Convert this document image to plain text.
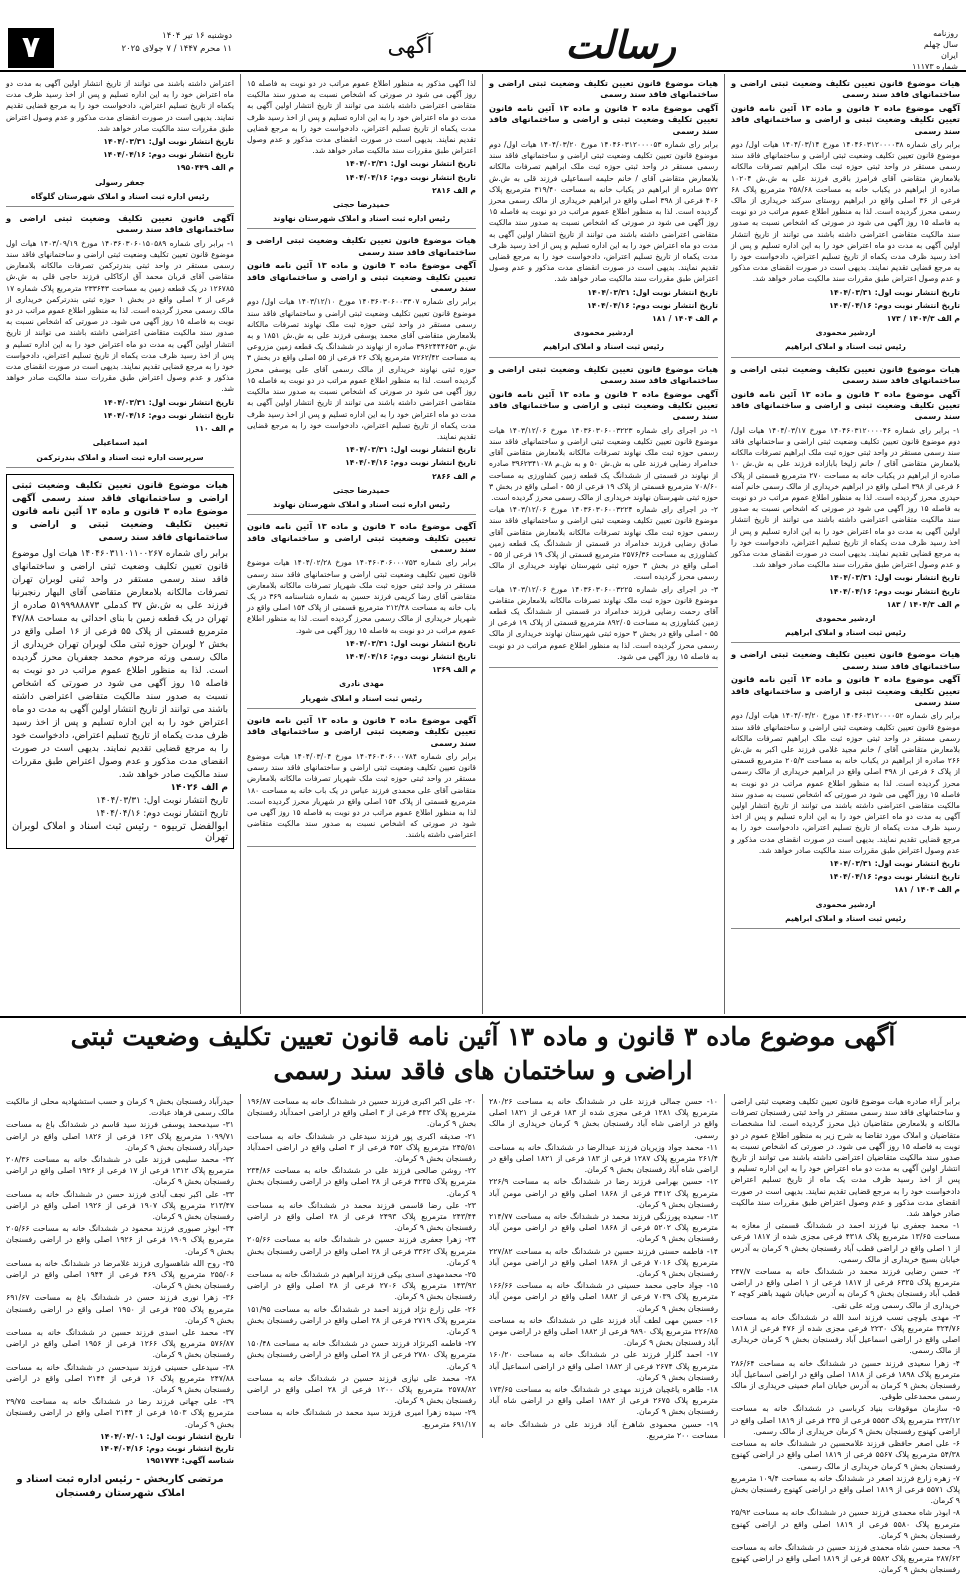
روزنامه
سال چهلم
ایران
شماره ۱۱۱۷۳
رسالت
آگهی
دوشنبه ۱۶ تیر ۱۴۰۴
۱۱ محرم ۱۴۴۷ / ۷ جولای ۲۰۲۵
۷
هیات موضوع قانون تعیین تکلیف وضعیت ثبتی اراضی و ساختمانهای فاقد سند رسمی
آگهی موضوع ماده ۳ قانون و ماده ۱۳ آئین نامه قانون تعیین تکلیف وضعیت ثبتی و اراضی و ساختمانهای فاقد سند رسمی

برابر رای شماره ۱۴۰۴۶۰۳۱۲۰۰۰۰۳۸ مورخ ۱۴۰۴/۰۳/۱۴ هیات اول/ دوم موضوع قانون تعیین تکلیف وضعیت ثبتی اراضی و ساختمانهای فاقد سند رسمی مستقر در واحد ثبتی حوزه ثبت ملک ابراهیم تصرفات مالکانه بلامعارض متقاضی آقای فرامرز باقری فرزند علی به ش.ش ۱۰۲۰۴ صادره از ابراهیم در یکباب خانه به مساحت ۲۵۸/۶۸ مترمربع پلاک ۶۸ فرعی از ۳۶ اصلی واقع در ابراهیم روستای سرکند خریداری از مالک رسمی محرز گردیده است. لذا به منظور اطلاع عموم مراتب در دو نوبت به فاصله ۱۵ روز آگهی می شود در صورتی که اشخاص نسبت به صدور سند مالکیت متقاضی اعتراضی داشته باشند می توانند از تاریخ انتشار اولین آگهی به مدت دو ماه اعتراض خود را به این اداره تسلیم و پس از اخذ رسید ظرف مدت یکماه از تاریخ تسلیم اعتراض، دادخواست خود را به مرجع قضایی تقدیم نمایند. بدیهی است در صورت انقضای مدت مذکور و عدم وصول اعتراض طبق مقررات سند مالکیت صادر خواهد شد.

تاریخ انتشار نوبت اول: ۱۴۰۴/۰۳/۳۱

تاریخ انتشار نوبت دوم: ۱۴۰۴/۰۴/۱۶

م الف ۱۴۰۴/۳ / ۱۷۳

اردشیر محمودی
رئیس ثبت اسناد و املاک ابراهیم
هیات موضوع قانون تعیین تکلیف وضعیت ثبتی اراضی و ساختمانهای فاقد سند رسمی
آگهی موضوع ماده ۳ قانون و ماده ۱۳ آئین نامه قانون تعیین تکلیف وضعیت ثبتی و اراضی و ساختمانهای فاقد سند رسمی

۱- برابر رای شماره ۱۴۰۴۶۰۳۱۲۰۰۰۰۴۶ مورخ ۱۴۰۴/۰۳/۱۷ هیات اول/ دوم موضوع قانون تعیین تکلیف وضعیت ثبتی اراضی و ساختمانهای فاقد سند رسمی مستقر در واحد ثبتی حوزه ثبت ملک ابراهیم تصرفات مالکانه بلامعارض متقاضی آقای / خانم زلیخا بابازاده فرزند علی به ش.ش ۱۰ صادره از ابراهیم در یکباب خانه به مساحت ۲۷۰ مترمربع قسمتی از پلاک ۶ فرعی از ۳۹۸ اصلی واقع در ابراهیم خریداری از مالک رسمی خانم آمنه حیدری محرز گردیده است. لذا به منظور اطلاع عموم مراتب در دو نوبت به فاصله ۱۵ روز آگهی می شود در صورتی که اشخاص نسبت به صدور سند مالکیت متقاضی اعتراضی داشته باشند می توانند از تاریخ انتشار اولین آگهی به مدت دو ماه اعتراض خود را به این اداره تسلیم و پس از اخذ رسید ظرف مدت یکماه از تاریخ تسلیم اعتراض، دادخواست خود را به مرجع قضایی تقدیم نمایند. بدیهی است در صورت انقضای مدت مذکور و عدم وصول اعتراض طبق مقررات سند مالکیت صادر خواهد شد.

تاریخ انتشار نوبت اول: ۱۴۰۴/۰۳/۳۱

تاریخ انتشار نوبت دوم: ۱۴۰۴/۰۴/۱۶

م الف ۱۴۰۴/۳ / ۱۸۳

اردشیر محمودی
رئیس ثبت اسناد و املاک ابراهیم
هیات موضوع قانون تعیین تکلیف وضعیت ثبتی اراضی و ساختمانهای فاقد سند رسمی
آگهی موضوع ماده ۳ قانون و ماده ۱۳ آئین نامه قانون تعیین تکلیف وضعیت ثبتی و اراضی و ساختمانهای فاقد سند رسمی

برابر رای شماره ۱۴۰۴۶۰۳۱۲۰۰۰۰۵۲ مورخ ۱۴۰۴/۰۳/۲۰ هیات اول/ دوم موضوع قانون تعیین تکلیف وضعیت ثبتی اراضی و ساختمانهای فاقد سند رسمی مستقر در واحد ثبتی حوزه ثبت ملک ابراهیم تصرفات مالکانه بلامعارض متقاضی آقای / خانم مجید غلامی فرزند علی اکبر به ش.ش ۲۶۶ صادره از ابراهیم در یکباب خانه به مساحت ۲۰۵/۳ مترمربع قسمتی از پلاک ۶ فرعی از ۳۹۸ اصلی واقع در ابراهیم خریداری از مالک رسمی محرز گردیده است. لذا به منظور اطلاع عموم مراتب در دو نوبت به فاصله ۱۵ روز آگهی می شود در صورتی که اشخاص نسبت به صدور سند مالکیت متقاضی اعتراضی داشته باشند می توانند از تاریخ انتشار اولین آگهی به مدت دو ماه اعتراض خود را به این اداره تسلیم و پس از اخذ رسید ظرف مدت یکماه از تاریخ تسلیم اعتراض، دادخواست خود را به مرجع قضایی تقدیم نمایند. بدیهی است در صورت انقضای مدت مذکور و عدم وصول اعتراض طبق مقررات سند مالکیت صادر خواهد شد.

تاریخ انتشار نوبت اول: ۱۴۰۴/۰۳/۳۱

تاریخ انتشار نوبت دوم: ۱۴۰۴/۰۴/۱۶

م الف ۱۴۰۴ / ۱۸۱

اردشیر محمودی
رئیس ثبت اسناد و املاک ابراهیم
هیات موضوع قانون تعیین تکلیف وضعیت ثبتی اراضی و ساختمانهای فاقد سند رسمی
آگهی موضوع ماده ۳ قانون و ماده ۱۳ آئین نامه قانون تعیین تکلیف وضعیت ثبتی و اراضی و ساختمانهای فاقد سند رسمی

برابر رای شماره ۱۴۰۴۶۰۳۱۲۰۰۰۰۵۳ مورخ ۱۴۰۴/۰۳/۲۰ هیات اول/ دوم موضوع قانون تعیین تکلیف وضعیت ثبتی اراضی و ساختمانهای فاقد سند رسمی مستقر در واحد ثبتی حوزه ثبت ملک ابراهیم تصرفات مالکانه بلامعارض متقاضی آقای / خانم حلیمه اسماعیلی فرزند قلی به ش.ش ۵۷۲ صادره از ابراهیم در یکباب خانه به مساحت ۳۱۹/۴۰ مترمربع پلاک ۴۰۶ فرعی از ۳۹۸ اصلی واقع در ابراهیم خریداری از مالک رسمی محرز گردیده است. لذا به منظور اطلاع عموم مراتب در دو نوبت به فاصله ۱۵ روز آگهی می شود در صورتی که اشخاص نسبت به صدور سند مالکیت متقاضی اعتراضی داشته باشند می توانند از تاریخ انتشار اولین آگهی به مدت دو ماه اعتراض خود را به این اداره تسلیم و پس از اخذ رسید ظرف مدت یکماه از تاریخ تسلیم اعتراض، دادخواست خود را به مرجع قضایی تقدیم نمایند. بدیهی است در صورت انقضای مدت مذکور و عدم وصول اعتراض طبق مقررات سند مالکیت صادر خواهد شد.

تاریخ انتشار نوبت اول: ۱۴۰۴/۰۳/۳۱

تاریخ انتشار نوبت دوم: ۱۴۰۴/۰۴/۱۶

م الف ۱۴۰۴ / ۱۸۱

اردشیر محمودی
رئیس ثبت اسناد و املاک ابراهیم
هیات موضوع قانون تعیین تکلیف وضعیت ثبتی اراضی و ساختمانهای فاقد سند رسمی
آگهی موضوع ماده ۳ قانون و ماده ۱۳ آئین نامه قانون تعیین تکلیف وضعیت ثبتی و اراضی و ساختمانهای فاقد سند رسمی

۱- در اجرای رای شماره ۱۴۰۳۶۰۳۰۶۰۰۳۲۲۳ مورخ ۱۴۰۳/۱۲/۰۶ هیات موضوع قانون تعیین تکلیف وضعیت ثبتی اراضی و ساختمانهای فاقد سند رسمی حوزه ثبت ملک نهاوند تصرفات مالکانه بلامعارض متقاضی آقای خدامراد رضایی فرزند علی به ش.ش ۵۰ و به ش.م ۳۹۶۲۳۴۱۰۷۸ صادره از نهاوند در قسمتی از ششدانگ یک قطعه زمین کشاورزی به مساحت ۷۰۸/۶۰ مترمربع قسمتی از پلاک ۱۹ فرعی از ۵۵ - اصلی واقع در بخش ۳ حوزه ثبتی شهرستان نهاوند خریداری از مالک رسمی محرز گردیده است.

۲- در اجرای رای شماره ۱۴۰۳۶۰۳۰۶۰۰۳۲۲۴ مورخ ۱۴۰۳/۱۲/۰۶ هیات موضوع قانون تعیین تکلیف وضعیت ثبتی اراضی و ساختمانهای فاقد سند رسمی حوزه ثبت ملک نهاوند تصرفات مالکانه بلامعارض متقاضی آقای صادق رضایی فرزند خدامراد در قسمتی از ششدانگ یک قطعه زمین کشاورزی به مساحت ۲۵۷۶/۳۶ مترمربع قسمتی از پلاک ۱۹ فرعی از ۵۵ - اصلی واقع در بخش ۳ حوزه ثبتی شهرستان نهاوند خریداری از مالک رسمی محرز گردیده است.

۳- در اجرای رای شماره ۱۴۰۳۶۰۳۰۶۰۰۳۲۲۵ مورخ ۱۴۰۳/۱۲/۰۶ هیات موضوع قانون حوزه ثبت ملک نهاوند تصرفات مالکانه بلامعارض متقاضی آقای رحمت رضایی فرزند خدامراد در قسمتی از ششدانگ یک قطعه زمین کشاورزی به مساحت ۸۹۲/۰۵ مترمربع قسمتی از پلاک ۱۹ فرعی از ۵۵ - اصلی واقع در بخش ۳ حوزه ثبتی شهرستان نهاوند خریداری از مالک رسمی محرز گردیده است. لذا به منظور اطلاع عموم مراتب در دو نوبت به فاصله ۱۵ روز آگهی می شود.

لذا آگهی مذکور به منظور اطلاع عموم مراتب در دو نوبت به فاصله ۱۵ روز آگهی می شود در صورتی که اشخاص نسبت به صدور سند مالکیت متقاضی اعتراضی داشته باشند می توانند از تاریخ انتشار اولین آگهی به مدت دو ماه اعتراض خود را به این اداره تسلیم و پس از اخذ رسید ظرف مدت یکماه از تاریخ تسلیم اعتراض، دادخواست خود را به مرجع قضایی تقدیم نمایند. بدیهی است در صورت انقضای مدت مذکور و عدم وصول اعتراض طبق مقررات سند مالکیت صادر خواهد شد.

تاریخ انتشار نوبت اول: ۱۴۰۴/۰۳/۳۱

تاریخ انتشار نوبت دوم: ۱۴۰۴/۰۴/۱۶

م الف ۲۸۱۶

حمیدرضا حجتی
رئیس اداره ثبت اسناد و املاک شهرستان نهاوند
هیات موضوع قانون تعیین تکلیف وضعیت ثبتی اراضی و ساختمانهای فاقد سند رسمی
آگهی موضوع ماده ۳ قانون و ماده ۱۳ آئین نامه قانون تعیین تکلیف وضعیت ثبتی و اراضی و ساختمانهای فاقد سند رسمی

برابر رای شماره ۱۴۰۳۶۰۳۰۶۰۰۳۳۰۷ مورخ ۱۴۰۳/۱۲/۱۰ هیات اول/ دوم موضوع قانون تعیین تکلیف وضعیت ثبتی اراضی و ساختمانهای فاقد سند رسمی مستقر در واحد ثبتی حوزه ثبت ملک نهاوند تصرفات مالکانه بلامعارض متقاضی آقای محمد یوسفی فرزند علی به ش.ش ۱۸۵۱ و به ش.م ۳۹۶۲۴۴۴۶۵۳ صادره از نهاوند در ششدانگ یک قطعه زمین مزروعی به مساحت ۷۲۶۲/۴۲ مترمربع پلاک ۲۶ فرعی از ۵۵ اصلی واقع در بخش ۳ حوزه ثبتی نهاوند خریداری از مالک رسمی آقای علی یوسفی محرز گردیده است. لذا به منظور اطلاع عموم مراتب در دو نوبت به فاصله ۱۵ روز آگهی می شود در صورتی که اشخاص نسبت به صدور سند مالکیت متقاضی اعتراضی داشته باشند می توانند از تاریخ انتشار اولین آگهی به مدت دو ماه اعتراض خود را به این اداره تسلیم و پس از اخذ رسید ظرف مدت یکماه از تاریخ تسلیم اعتراض، دادخواست خود را به مرجع قضایی تقدیم نمایند.

تاریخ انتشار نوبت اول: ۱۴۰۴/۰۳/۳۱

تاریخ انتشار نوبت دوم: ۱۴۰۴/۰۴/۱۶

م الف ۲۸۶۶

حمیدرضا حجتی
رئیس اداره ثبت اسناد و املاک شهرستان نهاوند
آگهی موضوع ماده ۳ قانون و ماده ۱۳ آئین نامه قانون تعیین تکلیف وضعیت ثبتی اراضی و ساختمانهای فاقد سند رسمی

برابر رای شماره ۱۴۰۴۶۰۳۰۶۰۰۰۷۵۳ مورخ ۱۴۰۴/۰۲/۲۸ هیات موضوع قانون تعیین تکلیف وضعیت ثبتی اراضی و ساختمانهای فاقد سند رسمی مستقر در واحد ثبتی حوزه ثبت ملک شهریار تصرفات مالکانه بلامعارض متقاضی آقای رضا کریمی فرزند حسین به شماره شناسنامه ۳۶۹ در یک باب خانه به مساحت ۲۱۲/۴۸ مترمربع قسمتی از پلاک ۱۵۴ اصلی واقع در شهریار خریداری از مالک رسمی محرز گردیده است. لذا به منظور اطلاع عموم مراتب در دو نوبت به فاصله ۱۵ روز آگهی می شود.

تاریخ انتشار نوبت اول: ۱۴۰۴/۰۳/۳۱

تاریخ انتشار نوبت دوم: ۱۴۰۴/۰۴/۱۶

م الف ۱۳۶۹

مهدی نادری
رئیس ثبت اسناد و املاک شهریار
آگهی موضوع ماده ۳ قانون و ماده ۱۳ آئین نامه قانون تعیین تکلیف وضعیت ثبتی اراضی و ساختمانهای فاقد سند رسمی

برابر رای شماره ۱۴۰۴۶۰۳۰۶۰۰۰۷۸۴ مورخ ۱۴۰۴/۰۳/۰۴ هیات موضوع قانون تعیین تکلیف وضعیت ثبتی اراضی و ساختمانهای فاقد سند رسمی مستقر در واحد ثبتی حوزه ثبت ملک شهریار تصرفات مالکانه بلامعارض متقاضی آقای علی محمدی فرزند عباس در یک باب خانه به مساحت ۱۸۰ مترمربع قسمتی از پلاک ۱۵۴ اصلی واقع در شهریار محرز گردیده است. لذا به منظور اطلاع عموم مراتب در دو نوبت به فاصله ۱۵ روز آگهی می شود در صورتی که اشخاص نسبت به صدور سند مالکیت متقاضی اعتراضی داشته باشند.

اعتراض داشته باشند می توانند از تاریخ انتشار اولین آگهی به مدت دو ماه اعتراض خود را به این اداره تسلیم و پس از اخذ رسید ظرف مدت یکماه از تاریخ تسلیم اعتراض، دادخواست خود را به مرجع قضایی تقدیم نمایند. بدیهی است در صورت انقضای مدت مذکور و عدم وصول اعتراض طبق مقررات سند مالکیت صادر خواهد شد.

تاریخ انتشار نوبت اول: ۱۴۰۴/۰۳/۳۱

تاریخ انتشار نوبت دوم: ۱۴۰۴/۰۴/۱۶

م الف ۱۹۵۰۴۴۹

جعفر رسولی
رئیس اداره ثبت اسناد و املاک شهرستان گلوگاه
آگهی قانون تعیین تکلیف وضعیت ثبتی اراضی و ساختمانهای فاقد سند رسمی

۱- برابر رای شماره ۱۴۰۳۶۰۳۰۶۰۱۵۰۵۸۹ مورخ ۱۴۰۳/۰۹/۱۹ هیات اول موضوع قانون تعیین تکلیف وضعیت ثبتی اراضی و ساختمانهای فاقد سند رسمی مستقر در واحد ثبتی بندرترکمن تصرفات مالکانه بلامعارض متقاضی آقای قربان محمد آق ارکاکلی فرزند حاجی قلی به ش.ش ۱۲۶۷۸۵ در یک قطعه زمین به مساحت ۲۳۳۶۴۳ مترمربع پلاک شماره ۱۷ فرعی از ۲ اصلی واقع در بخش ۱ حوزه ثبتی بندرترکمن خریداری از مالک رسمی محرز گردیده است. لذا به منظور اطلاع عموم مراتب در دو نوبت به فاصله ۱۵ روز آگهی می شود. در صورتی که اشخاص نسبت به صدور سند مالکیت متقاضی اعتراضی داشته باشند می توانند از تاریخ انتشار اولین آگهی به مدت دو ماه اعتراض خود را به این اداره تسلیم و پس از اخذ رسید ظرف مدت یکماه از تاریخ تسلیم اعتراض، دادخواست خود را به مرجع قضایی تقدیم نمایند. بدیهی است در صورت انقضای مدت مذکور و عدم وصول اعتراض طبق مقررات سند مالکیت صادر خواهد شد.

تاریخ انتشار نوبت اول: ۱۴۰۴/۰۳/۳۱

تاریخ انتشار نوبت دوم: ۱۴۰۴/۰۴/۱۶

م الف ۱۱۰

امید اسماعیلی
سرپرست اداره ثبت اسناد و املاک بندرترکمن
هیات موضوع قانون تعیین تکلیف وضعیت ثبتی اراضی و ساختمانهای فاقد سند رسمی آگهی موضوع ماده ۳ قانون و ماده ۱۳ آئین نامه قانون تعیین تکلیف وضعیت ثبتی و اراضی و ساختمانهای فاقد سند رسمی

برابر رای شماره ۱۴۰۴۶۰۳۱۱۰۱۱۰۰۲۶۷ هیات اول موضوع قانون تعیین تکلیف وضعیت ثبتی اراضی و ساختمانهای فاقد سند رسمی مستقر در واحد ثبتی لوبران تهران تصرفات مالکانه بلامعارض متقاضی آقای الیهار رنجبرنیا فرزند علی به ش.ش ۳۷ کدملی ۵۱۹۹۹۸۸۸۷۳ صادره از تهران در یک قطعه زمین با بنای احداثی به مساحت ۴۷/۸۸ مترمربع قسمتی از پلاک ۵۵ فرعی از ۱۶ اصلی واقع در بخش ۲ لوبران حوزه ثبتی ملک لوبران تهران خریداری از مالک رسمی ورثه مرحوم محمد جعفریان محرز گردیده است. لذا به منظور اطلاع عموم مراتب در دو نوبت به فاصله ۱۵ روز آگهی می شود در صورتی که اشخاص نسبت به صدور سند مالکیت متقاضی اعتراضی داشته باشند می توانند از تاریخ انتشار اولین آگهی به مدت دو ماه اعتراض خود را به این اداره تسلیم و پس از اخذ رسید ظرف مدت یکماه از تاریخ تسلیم اعتراض، دادخواست خود را به مرجع قضایی تقدیم نمایند. بدیهی است در صورت انقضای مدت مذکور و عدم وصول اعتراض طبق مقررات سند مالکیت صادر خواهد شد.

م الف ۱۴۰۲۶

تاریخ انتشار نوبت اول: ۱۴۰۴/۰۳/۳۱

تاریخ انتشار نوبت دوم: ۱۴۰۴/۰۴/۱۶

ابوالفضل تربیوه - رئیس ثبت اسناد و املاک لوبران تهران
آگهی موضوع ماده ۳ قانون و ماده ۱۳ آئین نامه قانون تعیین تکلیف وضعیت ثبتی اراضی و ساختمان های فاقد سند رسمی

برابر آراء صادره هیات موضوع قانون تعیین تکلیف وضعیت ثبتی اراضی و ساختمانهای فاقد سند رسمی مستقر در واحد ثبتی رفسنجان تصرفات مالکانه و بلامعارض متقاضیان ذیل محرز گردیده است. لذا مشخصات متقاضیان و املاک مورد تقاضا به شرح زیر به منظور اطلاع عموم در دو نوبت به فاصله ۱۵ روز آگهی می شود. در صورتی که اشخاص نسبت به صدور سند مالکیت متقاضیان اعتراضی داشته باشند می توانند از تاریخ انتشار اولین آگهی به مدت دو ماه اعتراض خود را به این اداره تسلیم و پس از اخذ رسید ظرف مدت یک ماه از تاریخ تسلیم اعتراض دادخواست خود را به مرجع قضایی تقدیم نمایند. بدیهی است در صورت انقضای مدت مذکور و عدم وصول اعتراض طبق مقررات سند مالکیت صادر خواهد شد.

۱- محمد جعفری نیا فرزند احمد در ششدانگ قسمتی از مغازه به مساحت ۱۳/۶۵ مترمربع پلاک ۴۳۱۸ فرعی مجزی شده از ۱۸۱۷ فرعی از ۱ اصلی واقع در اراضی قطب آباد رفسنجان بخش ۹ کرمان به آدرس خیابان بسیج خریداری از مالک رسمی.

۲- حسن رضایی فرزند محمد در ششدانگ خانه به مساحت ۲۴۷/۷ مترمربع پلاک ۶۳۲۵ فرعی از ۱۸۱۷ فرعی از ۱ اصلی واقع در اراضی قطب آباد رفسنجان بخش ۹ کرمان به آدرس خیابان شهید باهنر کوچه ۲ خریداری از مالک رسمی ورثه علی نقی.

۳- مهدی بلوچی نسب فرزند اسد الله در ششدانگ خانه به مساحت ۳۲۴/۷۶ مترمربع پلاک ۲۲۳۰ فرعی مجزی شده از ۴۷۶ فرعی از ۱۸۱۸ اصلی واقع در اراضی اسماعیل آباد رفسنجان بخش ۹ کرمان خریداری از مالک رسمی.

۴- زهرا سعیدی فرزند حسین در ششدانگ خانه به مساحت ۲۸۶/۶۴ مترمربع پلاک ۱۸۹۸ فرعی از ۱۸۱۸ اصلی واقع در اراضی اسماعیل آباد رفسنجان بخش ۹ کرمان به آدرس خیابان امام خمینی خریداری از مالک رسمی محمدعلی طوقی.

۵- سازمان موقوفات بنیاد کرباسی در ششدانگ خانه به مساحت ۲۲۳/۱۲ مترمربع پلاک ۵۵۵۳ فرعی از ۲۳۵ فرعی از ۱۸۱۹ اصلی واقع در اراضی کهنوج رفسنجان بخش ۹ کرمان خریداری از مالک رسمی.

۶- علی اصغر حافظی فرزند غلامحسین در ششدانگ خانه به مساحت ۵۴/۳۸ مترمربع پلاک ۵۵۶۷ فرعی از ۱۸۱۹ اصلی واقع در اراضی کهنوج رفسنجان بخش ۹ کرمان خریداری از مالک رسمی.

۷- زهره زارع فرزند اصغر در ششدانگ خانه به مساحت ۱۰۹/۴ مترمربع پلاک ۵۵۷۱ فرعی از ۱۸۱۹ اصلی واقع در اراضی کهنوج رفسنجان بخش ۹ کرمان.

۸- ابوذر شاه محمدی فرزند حسین در ششدانگ خانه به مساحت ۲۵/۹۲ مترمربع پلاک ۵۵۸۰ فرعی از ۱۸۱۹ اصلی واقع در اراضی کهنوج رفسنجان بخش ۹ کرمان.

۹- محمد حسن شاه محمدی فرزند حسین در ششدانگ خانه به مساحت ۲۸۷/۶۳ مترمربع پلاک ۵۵۸۲ فرعی از ۱۸۱۹ اصلی واقع در اراضی کهنوج رفسنجان بخش ۹ کرمان.

۱۰- حسن جمالی فرزند علی در ششدانگ خانه به مساحت ۲۸۰/۲۶ مترمربع پلاک ۱۲۸۱ فرعی مجزی شده از ۱۸۳ فرعی از ۱۸۲۱ اصلی واقع در اراضی شاه آباد رفسنجان بخش ۹ کرمان خریداری از مالک رسمی.

۱۱- محمد جواد وزیریان فرزند عبدالرضا در ششدانگ خانه به مساحت ۲۶۱/۴ مترمربع پلاک ۱۲۸۷ فرعی از ۱۸۳ فرعی از ۱۸۲۱ اصلی واقع در اراضی شاه آباد رفسنجان بخش ۹ کرمان.

۱۲- حسین بهرامی فرزند رضا در ششدانگ خانه به مساحت ۲۲۶/۹ مترمربع پلاک ۳۴۱۲ فرعی از ۱۸۶۸ اصلی واقع در اراضی مومن آباد رفسنجان بخش ۹ کرمان.

۱۳- سعیده پورزنگی فرزند محمد در ششدانگ خانه به مساحت ۲۱۴/۷۷ مترمربع پلاک ۵۲۰۲ فرعی از ۱۸۶۸ اصلی واقع در اراضی مومن آباد رفسنجان بخش ۹ کرمان.

۱۴- فاطمه حسنی فرزند حسین در ششدانگ خانه به مساحت ۲۲۷/۸۲ مترمربع پلاک ۷۰۱۶ فرعی از ۱۸۶۸ اصلی واقع در اراضی مومن آباد رفسنجان بخش ۹ کرمان.

۱۵- جواد حاجی محمد حسینی در ششدانگ خانه به مساحت ۱۶۶/۶۶ مترمربع پلاک ۷۰۳۹ فرعی از ۱۸۸۲ اصلی واقع در اراضی مومن آباد رفسنجان بخش ۹ کرمان.

۱۶- حسین مهی لطف آباد فرزند علی در ششدانگ خانه به مساحت ۲۲۶/۸۵ مترمربع پلاک ۹۸۹۰ فرعی از ۱۸۸۲ اصلی واقع در اراضی مومن آباد رفسنجان بخش ۹ کرمان.

۱۷- احمد گلزار فرزند علی در ششدانگ خانه به مساحت ۱۶۰/۲۰ مترمربع پلاک ۲۶۷۴ فرعی از ۱۸۸۲ اصلی واقع در اراضی اسماعیل آباد رفسنجان بخش ۹ کرمان.

۱۸- طاهره یاغچیان فرزند مهدی در ششدانگ خانه به مساحت ۱۷۳/۶۵ مترمربع پلاک ۲۶۷۵ فرعی از ۱۸۸۲ اصلی واقع در اراضی شاه آباد رفسنجان بخش ۹ کرمان.

۱۹- حسین محمودی شاهرخ آباد فرزند علی در ششدانگ خانه به مساحت ۲۰۰ مترمربع.

۲۰- علی اکبر اکبری فرزند حسین در ششدانگ خانه به مساحت ۱۹۶/۸۷ مترمربع پلاک ۴۳۲ فرعی از ۳ اصلی واقع در اراضی احمدآباد رفسنجان بخش ۹ کرمان.

۲۱- صدیقه اکبری پور فرزند سیدعلی در ششدانگ خانه به مساحت ۲۴۵/۵۱ مترمربع پلاک ۴۵۲ فرعی از ۳ اصلی واقع در اراضی احمدآباد رفسنجان بخش ۹ کرمان.

۲۲- روشن صالحی فرزند علی در ششدانگ خانه به مساحت ۲۳۴/۸۶ مترمربع پلاک ۴۲۳۵ فرعی از ۲۸ اصلی واقع در اراضی رفسنجان بخش ۹ کرمان.

۲۳- علی رضا قاسمی فرزند محمد در ششدانگ خانه به مساحت ۲۴۳/۴۴ مترمربع پلاک ۲۴۹۳ فرعی از ۲۸ اصلی واقع در اراضی رفسنجان بخش ۹ کرمان.

۲۴- زهرا جعفری فرزند حسین در ششدانگ خانه به مساحت ۲۰۵/۶۶ مترمربع پلاک ۳۳۶۲ فرعی از ۲۸ اصلی واقع در اراضی رفسنجان بخش ۹ کرمان.

۲۵- محمدمهدی اسدی بیکی فرزند ابراهیم در ششدانگ خانه به مساحت ۱۴۳/۹۲ مترمربع پلاک ۲۷۰۶ فرعی از ۲۸ اصلی واقع در اراضی رفسنجان بخش ۹ کرمان.

۲۶- علی زارع نژاد فرزند احمد در ششدانگ خانه به مساحت ۱۵۱/۹۵ مترمربع پلاک ۲۷۱۹ فرعی از ۲۸ اصلی واقع در اراضی رفسنجان بخش ۹ کرمان.

۲۷- فاطمه اکبرنژاد فرزند حسن در ششدانگ خانه به مساحت ۱۵۰/۴۸ مترمربع پلاک ۲۷۸۰ فرعی از ۲۸ اصلی واقع در اراضی رفسنجان بخش ۹ کرمان.

۲۸- محمد علی نیازی فرزند حسین در ششدانگ خانه به مساحت ۲۵۷۸/۸۲ مترمربع پلاک ۱۲۰۰ فرعی از ۲۸ اصلی واقع در اراضی رفسنجان بخش ۹ کرمان.

۲۹- سیده زهرا امیری فرزند سید محمد در ششدانگ خانه به مساحت ۶۹۱/۱۷ مترمربع.

حیدرآباد رفسنجان بخش ۹ کرمان و حسب استشهادیه محلی از مالکیت مالک رسمی فرهاد عبادت.

۳۱- سیدمحمد یوسفی فرزند سید قاسم در ششدانگ باغ به مساحت ۱۰۹۹/۷۱ مترمربع پلاک ۱۶۳ فرعی از ۱۸۲۶ اصلی واقع در اراضی حیدرآباد رفسنجان بخش ۹ کرمان.

۳۲- محمد سلیمی فرزند علی در ششدانگ خانه به مساحت ۲۰۸/۳۶ مترمربع پلاک ۱۳۱۲ فرعی از ۱۷ فرعی از ۱۹۲۶ اصلی واقع در اراضی رفسنجان بخش ۹ کرمان.

۳۳- علی اکبر نجف آبادی فرزند حسن در ششدانگ خانه به مساحت ۲۱۳/۴۷ مترمربع پلاک ۱۹۰۷ فرعی از ۱۹۲۶ اصلی واقع در اراضی رفسنجان بخش ۹ کرمان.

۳۴- ابوذر صبوری فرزند محمود در ششدانگ خانه به مساحت ۲۰۵/۶۶ مترمربع پلاک ۱۹۰۹ فرعی از ۱۹۲۶ اصلی واقع در اراضی رفسنجان بخش ۹ کرمان.

۳۵- روح الله شاهسواری فرزند غلامرضا در ششدانگ خانه به مساحت ۲۵۵/۰۶ مترمربع پلاک ۴۶۹ فرعی از ۱۹۴۴ اصلی واقع در اراضی رفسنجان بخش ۹ کرمان.

۳۶- زهرا نوری فرزند حسن در ششدانگ باغ به مساحت ۶۹۱/۶۷ مترمربع پلاک ۲۵۵ فرعی از ۱۹۵۰ اصلی واقع در اراضی رفسنجان بخش ۹ کرمان.

۳۷- محمد علی اسدی فرزند حسین در ششدانگ خانه به مساحت ۵۷۶/۸۷ مترمربع پلاک ۱۲۶۶ فرعی از ۱۹۵۶ اصلی واقع در اراضی رفسنجان بخش ۹ کرمان.

۳۸- سیدعلی حسینی فرزند سیدحسن در ششدانگ خانه به مساحت ۲۴۷/۸۸ مترمربع پلاک ۱۶ فرعی از ۲۱۴۴ اصلی واقع در اراضی رفسنجان بخش ۹ کرمان.

۳۹- علی جهانی فرزند رضا در ششدانگ خانه به مساحت ۲۹/۷۵ مترمربع پلاک ۱۵۰۳ فرعی از ۲۱۴۴ اصلی واقع در اراضی رفسنجان بخش ۹ کرمان.

تاریخ انتشار نوبت اول: ۱۴۰۴/۰۴/۰۱

تاریخ انتشار نوبت دوم: ۱۴۰۴/۰۴/۱۶

شناسه آگهی: ۱۹۵۱۷۷۴

مرتضی کاربخش - رئیس اداره ثبت اسناد و املاک شهرستان رفسنجان
